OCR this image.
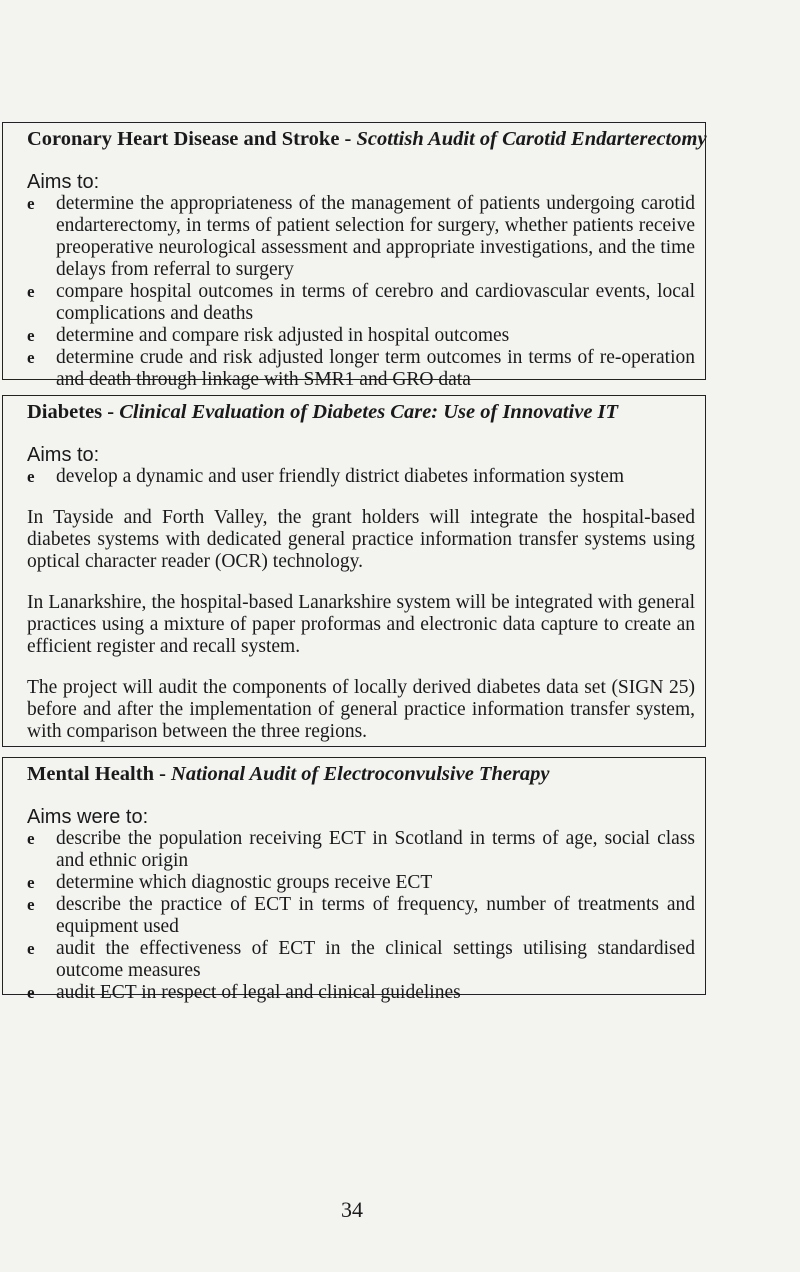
Coronary Heart Disease and Stroke - Scottish Audit of Carotid Endarterectomy
Aims to:
e determine the appropriateness of the management of patients undergoing carotid endarterectomy, in terms of patient selection for surgery, whether patients receive preoperative neurological assessment and appropriate investigations, and the time delays from referral to surgery
e compare hospital outcomes in terms of cerebro and cardiovascular events, local complications and deaths
e determine and compare risk adjusted in hospital outcomes
e determine crude and risk adjusted longer term outcomes in terms of re-operation and death through linkage with SMR1 and GRO data
Diabetes - Clinical Evaluation of Diabetes Care: Use of Innovative IT
Aims to:
e develop a dynamic and user friendly district diabetes information system

In Tayside and Forth Valley, the grant holders will integrate the hospital-based diabetes systems with dedicated general practice information transfer systems using optical character reader (OCR) technology.

In Lanarkshire, the hospital-based Lanarkshire system will be integrated with general practices using a mixture of paper proformas and electronic data capture to create an efficient register and recall system.

The project will audit the components of locally derived diabetes data set (SIGN 25) before and after the implementation of general practice information transfer system, with comparison between the three regions.

Mental Health - National Audit of Electroconvulsive Therapy
Aims were to:
e describe the population receiving ECT in Scotland in terms of age, social class and ethnic origin
e determine which diagnostic groups receive ECT
e describe the practice of ECT in terms of frequency, number of treatments and equipment used
e audit the effectiveness of ECT in the clinical settings utilising standardised outcome measures
e audit ECT in respect of legal and clinical guidelines
34
